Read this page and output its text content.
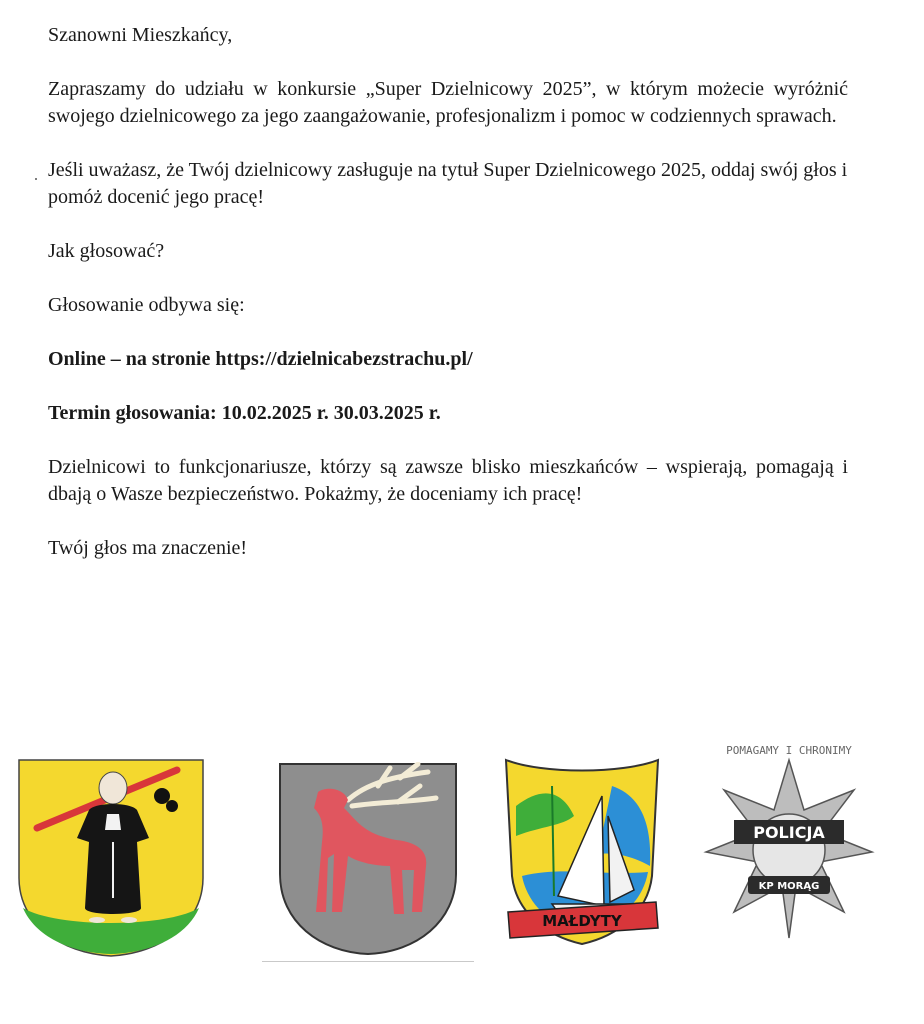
Szanowni Mieszkańcy,

Zapraszamy do udziału w konkursie „Super Dzielnicowy 2025”, w którym możecie wyróżnić swojego dzielnicowego za jego zaangażowanie, profesjonalizm i pomoc w codziennych sprawach.

Jeśli uważasz, że Twój dzielnicowy zasługuje na tytuł Super Dzielnicowego 2025, oddaj swój głos i pomóż docenić jego pracę!

Jak głosować?

Głosowanie odbywa się:

Online – na stronie https://dzielnicabezstrachu.pl/

Termin głosowania: 10.02.2025 r. 30.03.2025 r.

Dzielnicowi to funkcjonariusze, którzy są zawsze blisko mieszkańców – wspierają, pomagają i dbają o Wasze bezpieczeństwo. Pokażmy, że doceniamy ich pracę!

Twój głos ma znaczenie!

MAŁDYTY
POLICJA
KP MORĄG
POMAGAMY I CHRONIMY
